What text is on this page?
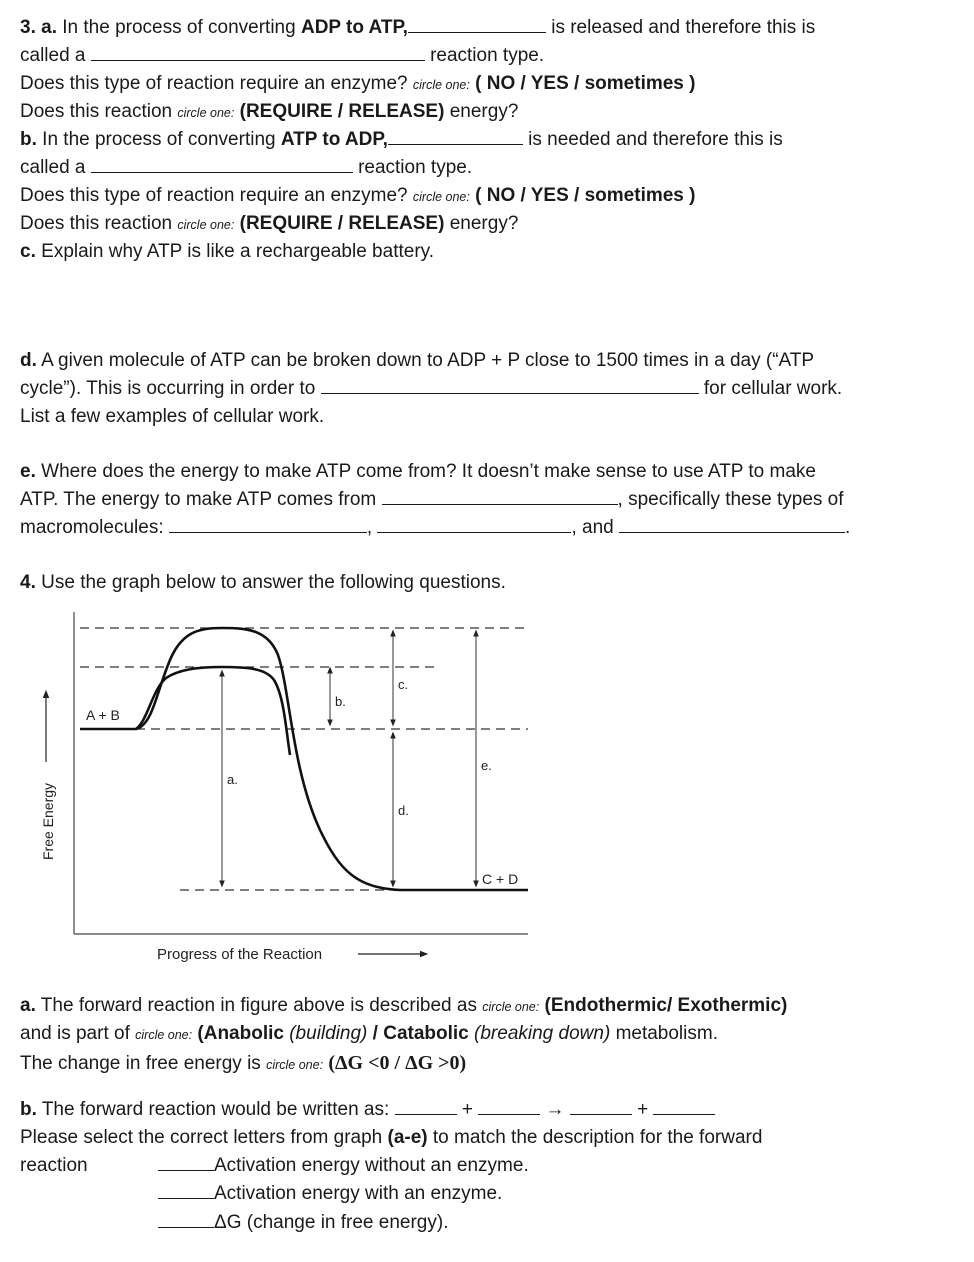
3. a. In the process of converting ADP to ATP,	is released and therefore this is
called a	reaction type.
Does this type of reaction require an enzyme? circle one: ( NO / YES / sometimes )
Does this reaction circle one: (REQUIRE / RELEASE) energy?
b. In the process of converting ATP to ADP,	is needed and therefore this is
called a	reaction type.
Does this type of reaction require an enzyme? circle one: ( NO / YES / sometimes )
Does this reaction circle one: (REQUIRE / RELEASE) energy?
c. Explain why ATP is like a rechargeable battery.
d. A given molecule of ATP can be broken down to ADP + P close to 1500 times in a day (“ATP
cycle”). This is occurring in order to	for cellular work.
List a few examples of cellular work.
e. Where does the energy to make ATP come from? It doesn’t make sense to use ATP to make
ATP. The energy to make ATP comes from	, specifically these types of
macromolecules:	,	, and	.
4. Use the graph below to answer the following questions.
A + B
C + D
a.
b.
c.
d.
e.
Free Energy
Progress of the Reaction
a. The forward reaction in figure above is described as circle one: (Endothermic/ Exothermic)
and is part of circle one: (Anabolic (building) / Catabolic (breaking down) metabolism.
The change in free energy is circle one: (ΔG <0 / ΔG >0)
b. The forward reaction would be written as:	+	→	+
Please select the correct letters from graph (a-e) to match the description for the forward
reaction	Activation energy without an enzyme.
Activation energy with an enzyme.
ΔG (change in free energy).
